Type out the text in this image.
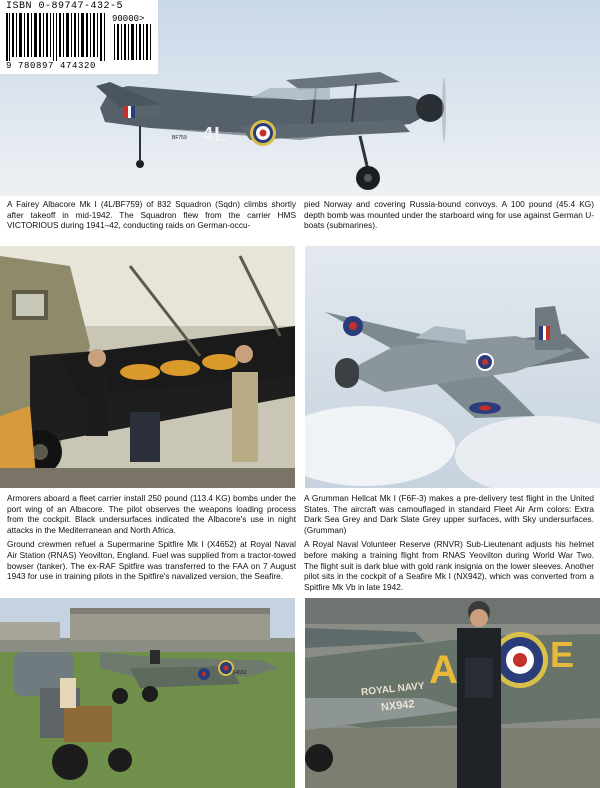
4L
BF759
ISBN 0-89747-432-5
90000>
9 780897 474320
A Fairey Albacore Mk I (4L/BF759) of 832 Squadron (Sqdn) climbs shortly after takeoff in mid-1942. The Squadron flew from the carrier HMS VICTORIOUS during 1941–42, conducting raids on German-occu-
pied Norway and covering Russia-bound convoys. A 100 pound (45.4 KG) depth bomb was mounted under the starboard wing for use against German U-boats (submarines).

Armorers aboard a fleet carrier install 250 pound (113.4 KG) bombs under the port wing of an Albacore. The pilot observes the weapons loading process from the cockpit. Black undersurfaces indicated the Albacore's use in night attacks in the Mediterranean and North Africa.

Ground crewmen refuel a Supermarine Spitfire Mk I (X4652) at Royal Naval Air Station (RNAS) Yeovilton, England. Fuel was supplied from a tractor-towed bowser (tanker). The ex-RAF Spitfire was transferred to the FAA on 7 August 1943 for use in training pilots in the Spitfire's navalized version, the Seafire.

A Grumman Hellcat Mk I (F6F-3) makes a pre-delivery test flight in the United States. The aircraft was camouflaged in standard Fleet Air Arm colors: Extra Dark Sea Grey and Dark Slate Grey upper surfaces, with Sky undersurfaces. (Grumman)

A Royal Naval Volunteer Reserve (RNVR) Sub-Lieutenant adjusts his helmet before making a training flight from RNAS Yeovilton during World War Two. The flight suit is dark blue with gold rank insignia on the lower sleeves. Another pilot sits in the cockpit of a Seafire Mk I (NX942), which was converted from a Spitfire Mk Vb in late 1942.

X4652
ROYAL NAVY
NX942
A	E
